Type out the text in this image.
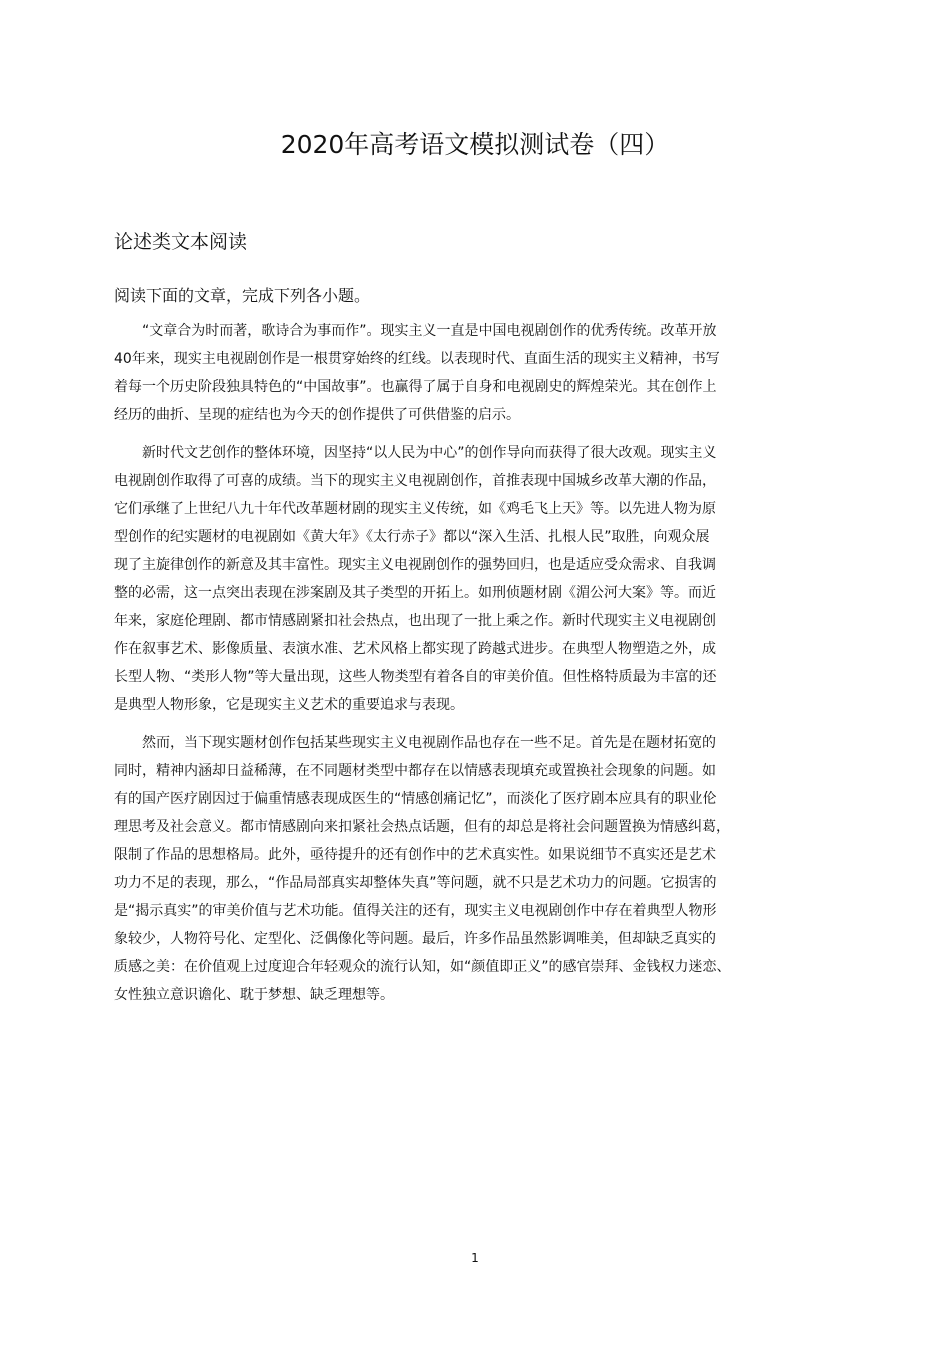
2020年高考语文模拟测试卷（四）
论述类文本阅读

阅读下面的文章，完成下列各小题。

　　“文章合为时而著，歌诗合为事而作”。现实主义一直是中国电视剧创作的优秀传统。改革开放
40年来，现实主电视剧创作是一根贯穿始终的红线。以表现时代、直面生活的现实主义精神，书写
着每一个历史阶段独具特色的“中国故事”。也赢得了属于自身和电视剧史的辉煌荣光。其在创作上
经历的曲折、呈现的症结也为今天的创作提供了可供借鉴的启示。
　　新时代文艺创作的整体环境，因坚持“以人民为中心”的创作导向而获得了很大改观。现实主义
电视剧创作取得了可喜的成绩。当下的现实主义电视剧创作，首推表现中国城乡改革大潮的作品，
它们承继了上世纪八九十年代改革题材剧的现实主义传统，如《鸡毛飞上天》等。以先进人物为原
型创作的纪实题材的电视剧如《黄大年》《太行赤子》都以“深入生活、扎根人民”取胜，向观众展
现了主旋律创作的新意及其丰富性。现实主义电视剧创作的强势回归，也是适应受众需求、自我调
整的必需，这一点突出表现在涉案剧及其子类型的开拓上。如刑侦题材剧《湄公河大案》等。而近
年来，家庭伦理剧、都市情感剧紧扣社会热点，也出现了一批上乘之作。新时代现实主义电视剧创
作在叙事艺术、影像质量、表演水准、艺术风格上都实现了跨越式进步。在典型人物塑造之外，成
长型人物、“类形人物”等大量出现，这些人物类型有着各自的审美价值。但性格特质最为丰富的还
是典型人物形象，它是现实主义艺术的重要追求与表现。
　　然而，当下现实题材创作包括某些现实主义电视剧作品也存在一些不足。首先是在题材拓宽的
同时，精神内涵却日益稀薄，在不同题材类型中都存在以情感表现填充或置换社会现象的问题。如
有的国产医疗剧因过于偏重情感表现成医生的“情感创痛记忆”，而淡化了医疗剧本应具有的职业伦
理思考及社会意义。都市情感剧向来扣紧社会热点话题，但有的却总是将社会问题置换为情感纠葛，
限制了作品的思想格局。此外，亟待提升的还有创作中的艺术真实性。如果说细节不真实还是艺术
功力不足的表现，那么，“作品局部真实却整体失真”等问题，就不只是艺术功力的问题。它损害的
是“揭示真实”的审美价值与艺术功能。值得关注的还有，现实主义电视剧创作中存在着典型人物形
象较少，人物符号化、定型化、泛偶像化等问题。最后，许多作品虽然影调唯美，但却缺乏真实的
质感之美：在价值观上过度迎合年轻观众的流行认知，如“颜值即正义”的感官崇拜、金钱权力迷恋、
女性独立意识谵化、耽于梦想、缺乏理想等。
1
